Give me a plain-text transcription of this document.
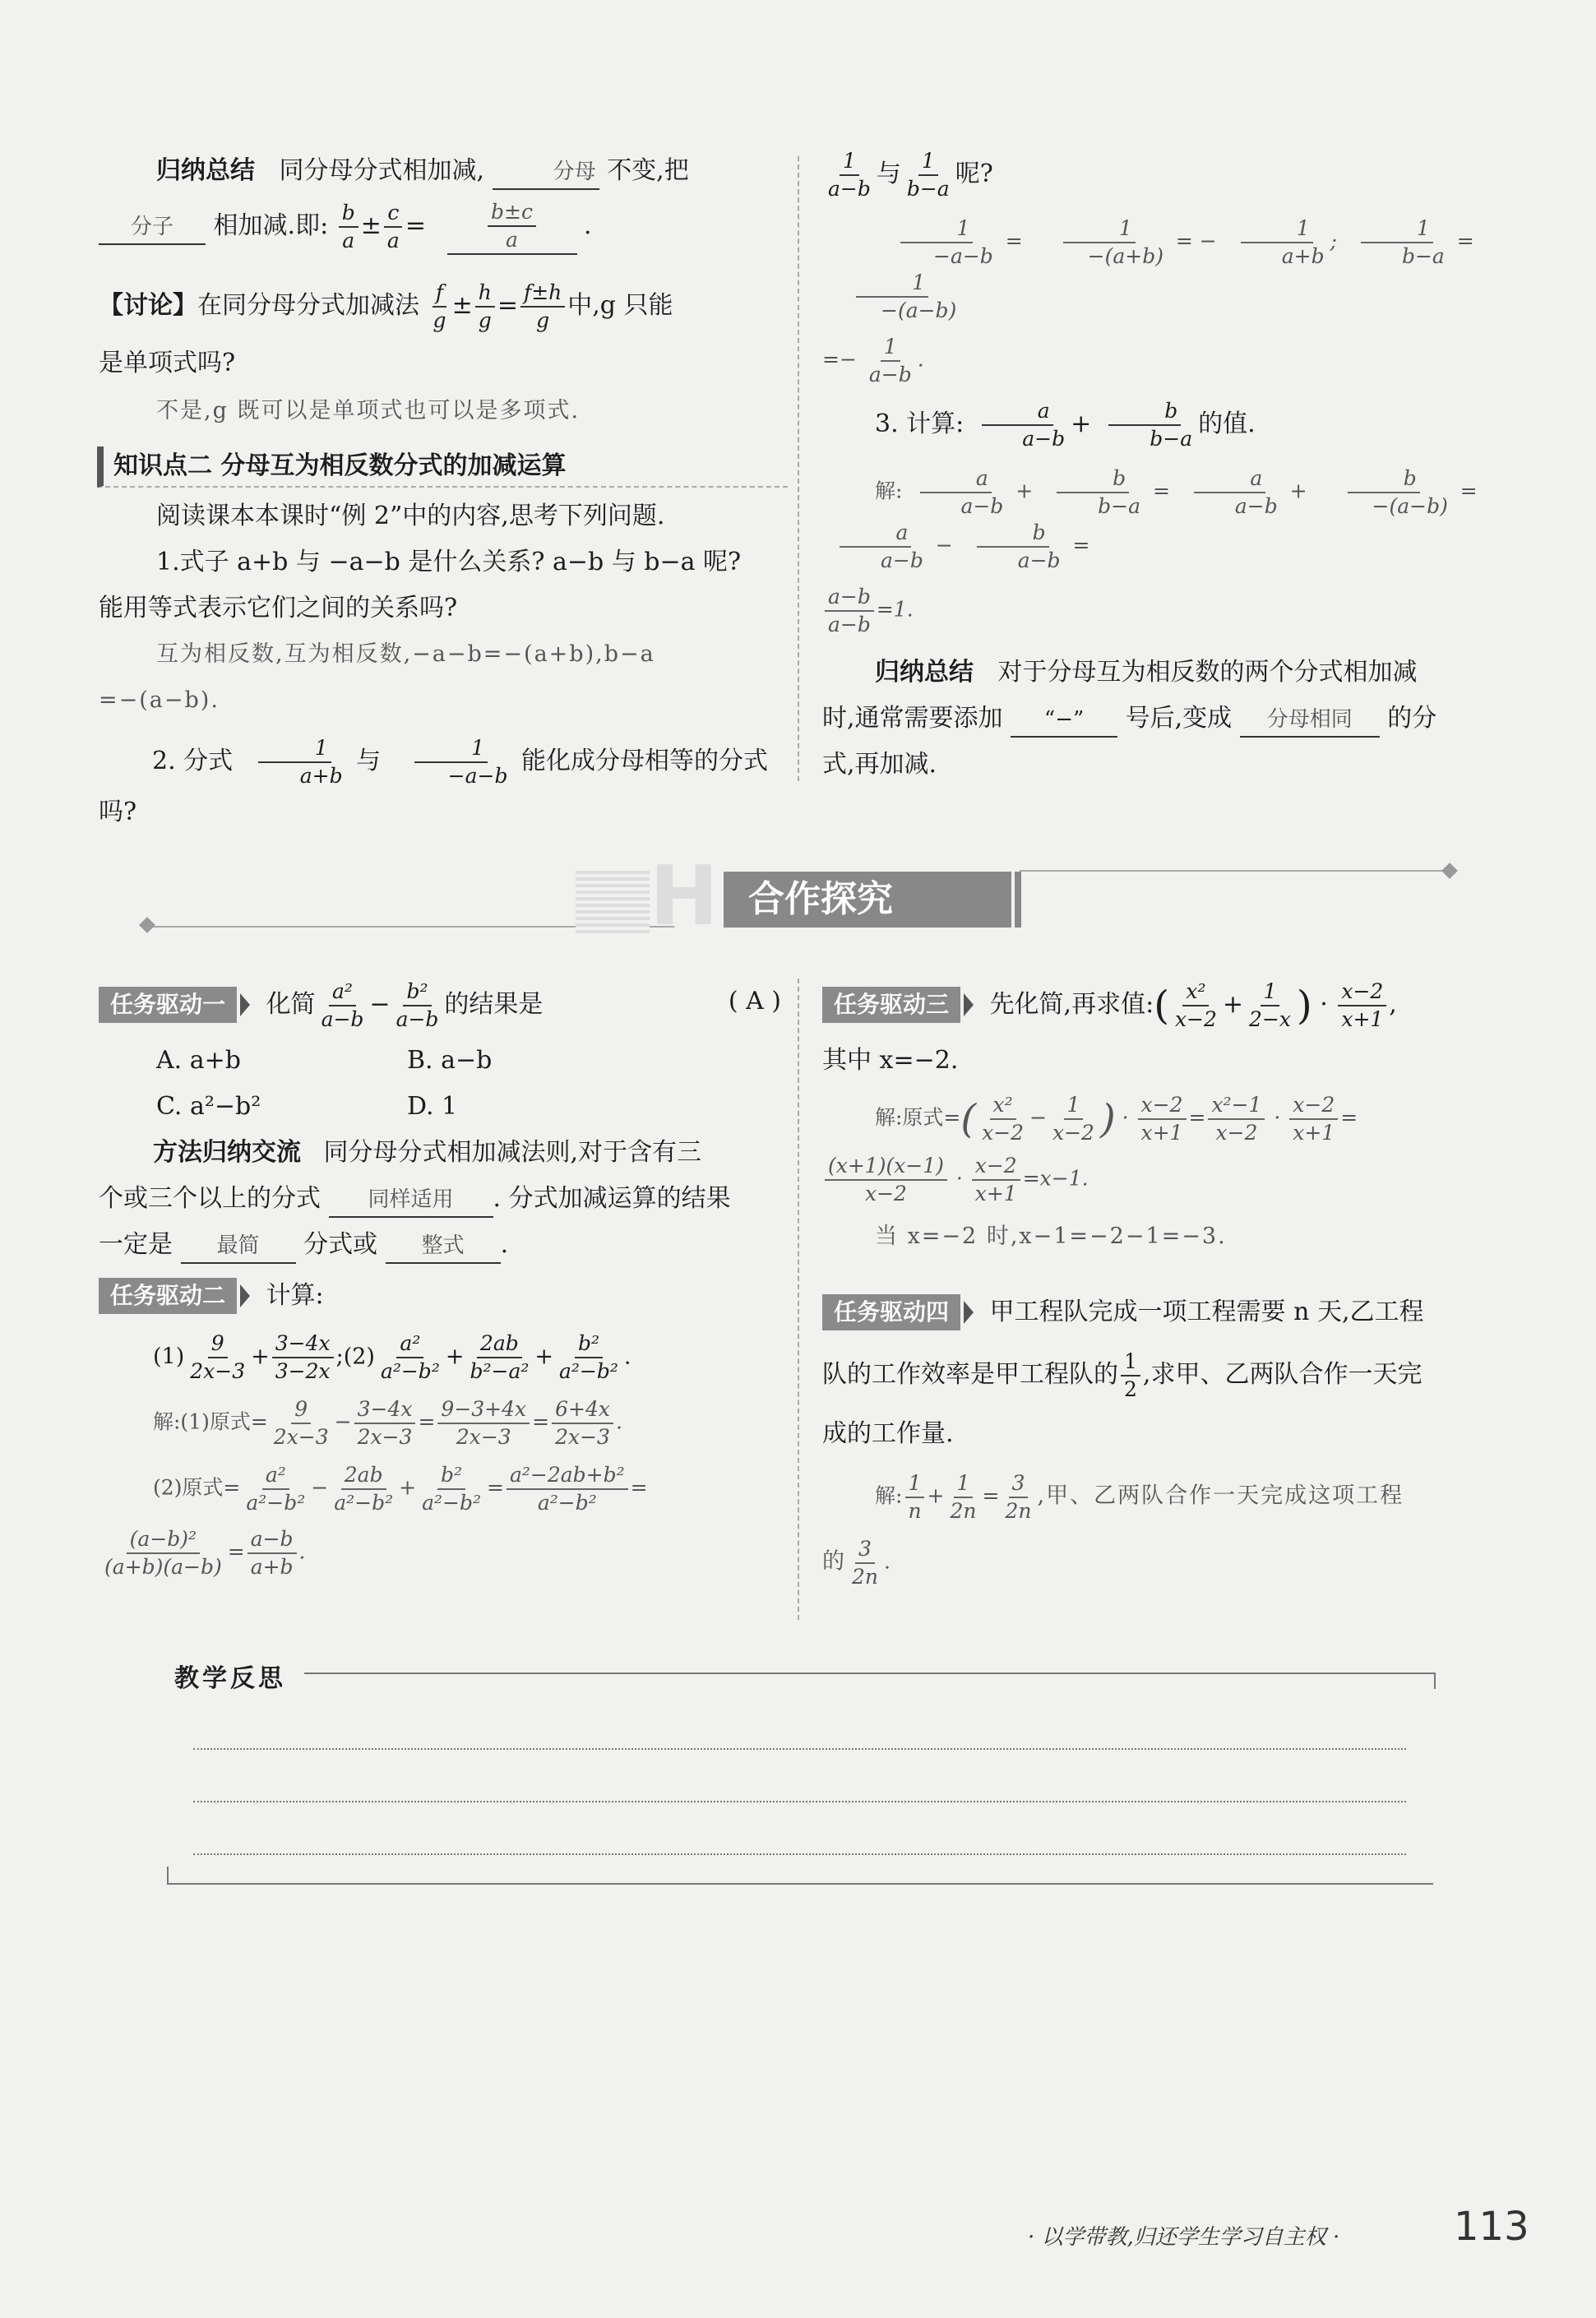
归纳总结 同分母分式相加减,	分母 不变,把
分子 相加减.即: $\frac{b}{a} \pm \frac{c}{a} = \frac{b\pm c}{a}$ .
【讨论】在同分母分式加减法 $\frac{f}{g} \pm \frac{h}{g} = \frac{f\pm h}{g}$ 中,g 只能
是单项式吗?
不是,g 既可以是单项式也可以是多项式.
知识点二 分母互为相反数分式的加减运算
阅读课本本课时“例 2”中的内容,思考下列问题.
1.式子 a+b 与 −a−b 是什么关系? a−b 与 b−a 呢?
能用等式表示它们之间的关系吗?
互为相反数,互为相反数,−a−b=−(a+b),b−a
=−(a−b).
2. 分式 $\frac{1}{a+b}$ 与 $\frac{1}{-a-b}$ 能化成分母相等的分式吗?
$\frac{1}{a-b}$ 与 $\frac{1}{b-a}$ 呢?
$\frac{1}{-a-b} = \frac{1}{-(a+b)}$ = − $\frac{1}{a+b}$ ; $\frac{1}{b-a}$ =
$\frac{1}{-(a-b)}$
=− $\frac{1}{a-b}$ .
3. 计算: $\frac{a}{a-b} + \frac{b}{b-a}$ 的值.
解: $\frac{a}{a-b} + \frac{b}{b-a} = \frac{a}{a-b} + \frac{b}{-(a-b)}$ =
$\frac{a}{a-b} - \frac{b}{a-b}$ =
$\frac{a-b}{a-b} =1$.
归纳总结 对于分母互为相反数的两个分式相加减
时,通常需要添加 “−” 号后,变成 分母相同 的分
式,再加减.
H 合作探究
任务驱动一 化简 $\frac{\text{a²}}{a-b} - \frac{\text{b²}}{a-b}$ 的结果是	( A )
A. a+b	B. a−b
C. a²−b²	D. 1
方法归纳交流 同分母分式相加减法则,对于含有三
个或三个以上的分式 同样适用 . 分式加减运算的结果
一定是 最简 分式或 整式 .
任务驱动二 计算:
$(1) \frac{9}{2x-3} + \frac{3-4x}{3-2x}$ ;(2) $\frac{\text{a²}}{\text{a²−b²}} + \frac{2ab}{\text{b²−a²}} + \frac{\text{b²}}{\text{a²−b²}}$ .
解:(1)原式= $\frac{9}{2x-3} - \frac{3-4x}{2x-3} = \frac{9-3+4x}{2x-3} = \frac{6+4x}{2x-3}$ .
(2)原式= $\frac{\text{a²}}{\text{a²−b²}} - \frac{2ab}{\text{a²−b²}} + \frac{\text{b²}}{\text{a²−b²}} = \frac{\text{a²−2ab+b²}}{\text{a²−b²}}$ =
$\frac{\text{(a−b)²}}{(a+b)(a-b)} = \frac{a-b}{a+b}$ .
任务驱动三 先化简,再求值:( $\frac{\text{x²}}{x-2} + \frac{1}{2-x}$ ) · $\frac{x-2}{x+1}$ ,
其中 x=−2.
解:原式=( $\frac{\text{x²}}{x-2} - \frac{1}{x-2}$ ) · $\frac{x-2}{x+1} = \frac{\text{x²−1}}{x-2} \cdot \frac{x-2}{x+1}$ =
$\frac{(x+1)(x-1)}{x-2} \cdot \frac{x-2}{x+1} =x-1$.
当 x=−2 时,x−1=−2−1=−3.
任务驱动四 甲工程队完成一项工程需要 n 天,乙工程
队的工作效率是甲工程队的 $\frac{1}{2}$ ,求甲、乙两队合作一天完
成的工作量.
解: $\frac{1}{n} + \frac{1}{2n} = \frac{3}{2n}$ ,甲、乙两队合作一天完成这项工程
的 $\frac{3}{2n}$ .
教学反思
· 以学带教,归还学生学习自主权 ·	113
